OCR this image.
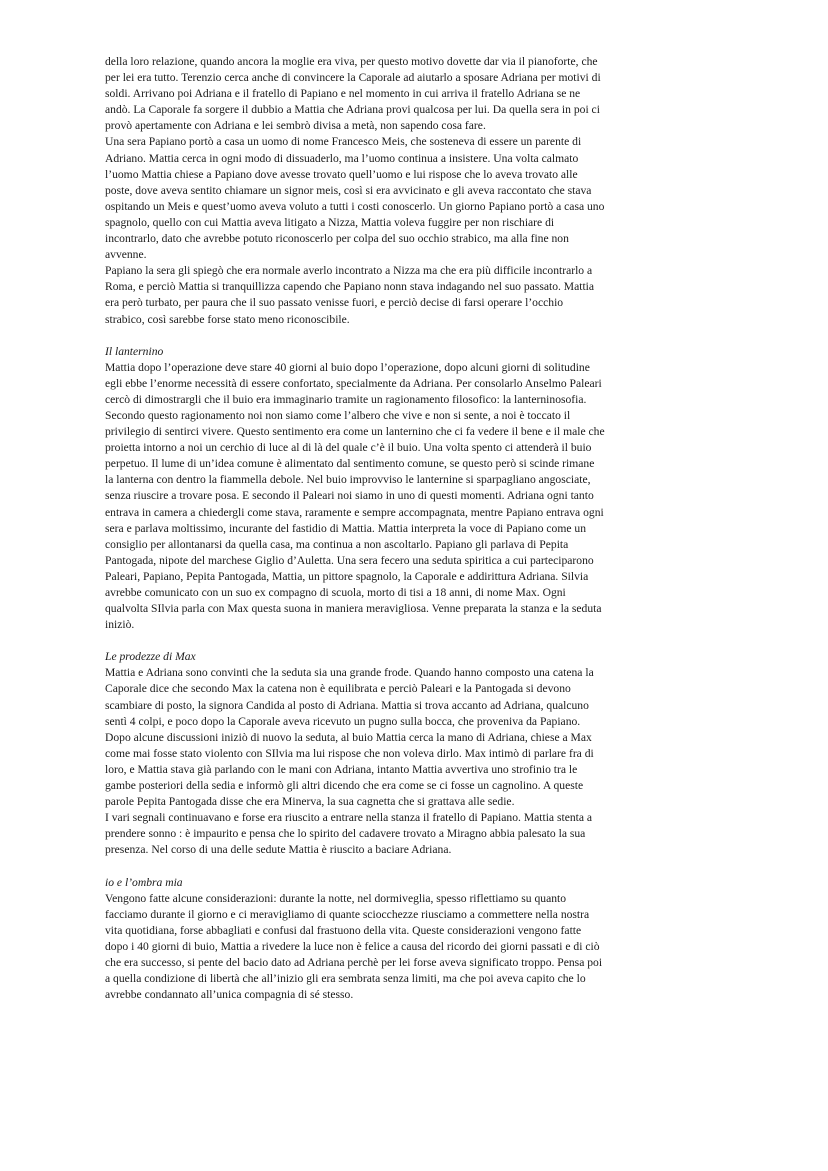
della loro relazione, quando ancora la moglie era viva, per questo motivo dovette dar via il pianoforte, che per lei era tutto. Terenzio cerca anche di convincere la Caporale ad aiutarlo a sposare Adriana per motivi di soldi. Arrivano poi Adriana e il fratello di Papiano e nel momento in cui arriva il fratello Adriana se ne andò. La Caporale fa sorgere il dubbio a Mattia che Adriana provi qualcosa per lui. Da quella sera in poi ci provò apertamente con Adriana e lei sembrò divisa a metà, non sapendo cosa fare.

Una sera Papiano portò a casa un uomo di nome Francesco Meis, che sosteneva di essere un parente di Adriano. Mattia cerca in ogni modo di dissuaderlo, ma l’uomo continua a insistere. Una volta calmato l’uomo Mattia chiese a Papiano dove avesse trovato quell’uomo e lui rispose che lo aveva trovato alle poste, dove aveva sentito chiamare un signor meis, così si era avvicinato e gli aveva raccontato che stava ospitando un Meis e quest’uomo aveva voluto a tutti i costi conoscerlo. Un giorno Papiano portò a casa uno spagnolo, quello con cui Mattia aveva litigato a Nizza, Mattia voleva fuggire per non rischiare di incontrarlo, dato che avrebbe potuto riconoscerlo per colpa del suo occhio strabico, ma alla fine non avvenne.

Papiano la sera gli spiegò che era normale averlo incontrato a Nizza ma che era più difficile incontrarlo a Roma, e perciò Mattia si tranquillizza capendo che Papiano nonn stava indagando nel suo passato. Mattia era però turbato, per paura che il suo passato venisse fuori, e perciò decise di farsi operare l’occhio strabico, così sarebbe forse stato meno riconoscibile.

Il lanternino

Mattia dopo l’operazione deve stare 40 giorni al buio dopo l’operazione, dopo alcuni giorni di solitudine egli ebbe l’enorme necessità di essere confortato, specialmente da Adriana. Per consolarlo Anselmo Paleari cercò di dimostrargli che il buio era immaginario tramite un ragionamento filosofico: la lanterninosofia. Secondo questo ragionamento noi non siamo come l’albero che vive e non si sente, a noi è toccato il privilegio di sentirci vivere. Questo sentimento era come un lanternino che ci fa vedere il bene e il male che proietta intorno a noi un cerchio di luce al di là del quale c’è il buio. Una volta spento ci attenderà il buio perpetuo. Il lume di un’idea comune è alimentato dal sentimento comune, se questo però si scinde rimane la lanterna con dentro la fiammella debole. Nel buio improvviso le lanternine si sparpagliano angosciate, senza riuscire a trovare posa. E secondo il Paleari noi siamo in uno di questi momenti. Adriana ogni tanto entrava in camera a chiedergli come stava, raramente e sempre accompagnata, mentre Papiano entrava ogni sera e parlava moltissimo, incurante del fastidio di Mattia. Mattia interpreta la voce di Papiano come un consiglio per allontanarsi da quella casa, ma continua a non ascoltarlo. Papiano gli parlava di Pepita Pantogada, nipote del marchese Giglio d’Auletta. Una sera fecero una seduta spiritica a cui parteciparono Paleari, Papiano, Pepita Pantogada, Mattia, un pittore spagnolo, la Caporale e addirittura Adriana. Silvia avrebbe comunicato con un suo ex compagno di scuola, morto di tisi a 18 anni, di nome Max. Ogni qualvolta SIlvia parla con Max questa suona in maniera meravigliosa. Venne preparata la stanza e la seduta iniziò.

Le prodezze di Max

Mattia e Adriana sono convinti che la seduta sia una grande frode. Quando hanno composto una catena la Caporale dice che secondo Max la catena non è equilibrata e perciò Paleari e la Pantogada si devono scambiare di posto, la signora Candida al posto di Adriana. Mattia si trova accanto ad Adriana, qualcuno sentì 4 colpi, e poco dopo la Caporale aveva ricevuto un pugno sulla bocca, che proveniva da Papiano. Dopo alcune discussioni iniziò di nuovo la seduta, al buio Mattia cerca la mano di Adriana, chiese a Max come mai fosse stato violento con SIlvia ma lui rispose che non voleva dirlo. Max intimò di parlare fra di loro, e Mattia stava già parlando con le mani con Adriana, intanto Mattia avvertiva uno strofinio tra le gambe posteriori della sedia e informò gli altri dicendo che era come se ci fosse un cagnolino. A queste parole Pepita Pantogada disse che era Minerva, la sua cagnetta che si grattava alle sedie.

I vari segnali continuavano e forse era riuscito a entrare nella stanza il fratello di Papiano. Mattia stenta a prendere sonno : è impaurito e pensa che lo spirito del cadavere trovato a Miragno abbia palesato la sua presenza. Nel corso di una delle sedute Mattia è riuscito a baciare Adriana.

io e l’ombra mia

Vengono fatte alcune considerazioni: durante la notte, nel dormiveglia, spesso riflettiamo su quanto facciamo durante il giorno e ci meravigliamo di quante sciocchezze riusciamo a commettere nella nostra vita quotidiana, forse abbagliati e confusi dal frastuono della vita. Queste considerazioni vengono fatte dopo i 40 giorni di buio, Mattia a rivedere la luce non è felice a causa del ricordo dei giorni passati e di ciò che era successo, si pente del bacio dato ad Adriana perchè per lei forse aveva significato troppo. Pensa poi a quella condizione di libertà che all’inizio gli era sembrata senza limiti, ma che poi aveva capito che lo avrebbe condannato all’unica compagnia di sé stesso.
